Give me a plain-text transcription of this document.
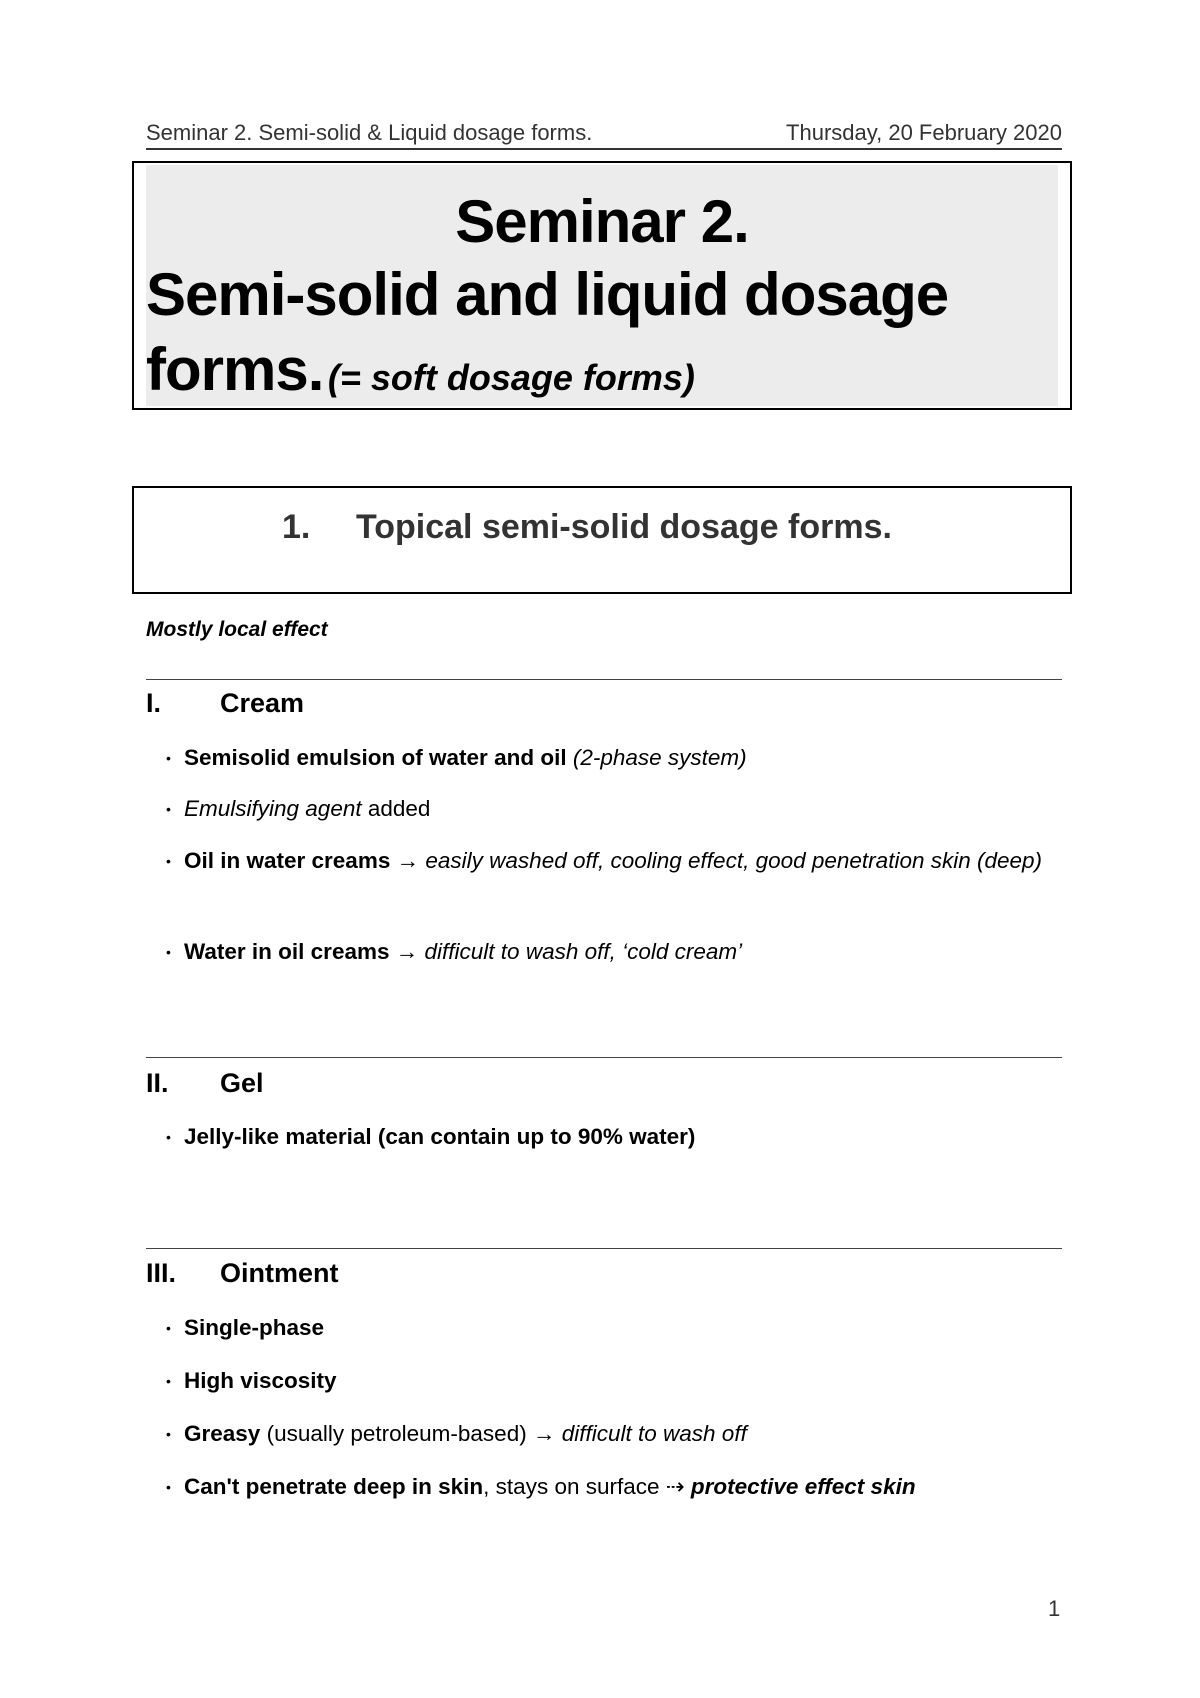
Seminar 2. Semi-solid & Liquid dosage forms.	Thursday, 20 February 2020
Seminar 2.
Semi-solid and liquid dosage
forms. (= soft dosage forms)
1. Topical semi-solid dosage forms.
Mostly local effect
I. Cream
• Semisolid emulsion of water and oil (2-phase system)
• Emulsifying agent added
• Oil in water creams → easily washed off, cooling effect, good penetration skin (deep)
• Water in oil creams → difficult to wash off, ‘cold cream’
II. Gel
• Jelly-like material (can contain up to 90% water)
III. Ointment
• Single-phase
• High viscosity
• Greasy (usually petroleum-based) → difficult to wash off
• Can't penetrate deep in skin, stays on surface ⇢ protective effect skin
1
